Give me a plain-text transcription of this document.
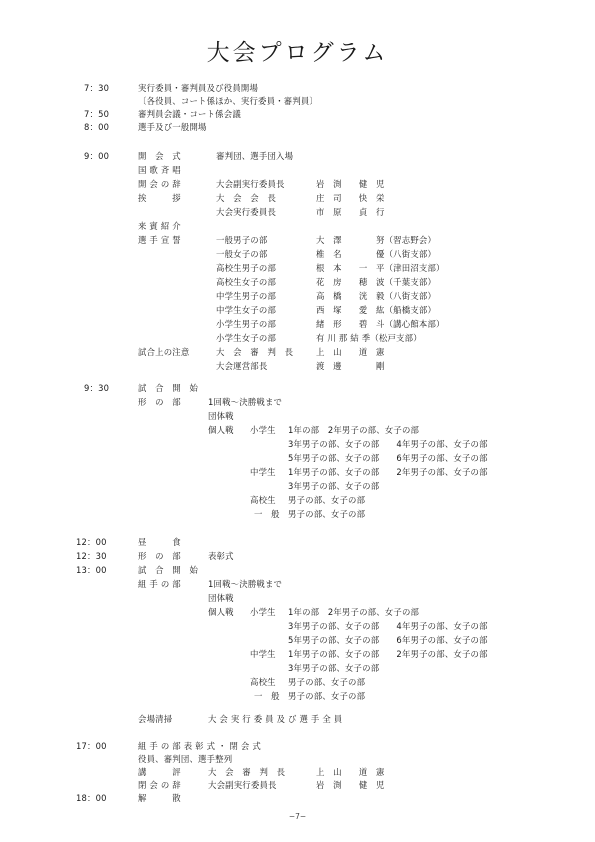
大会プログラム
7：30	実行委員・審判員及び役員開場
〔各役員、コート係ほか、実行委員・審判員〕
7：50	審判員会議・コート係会議
8：00	選手及び一般開場
9：00	開　会　式	審判団、選手団入場
国 歌 斉 唱
開 会 の 辞	大会副実行委員長	岩　渕　　健　児
挨　　　拶	大　会　会　長	庄　司　　快　栄
大会実行委員長	市　原　　貞　行
来 賓 紹 介
選 手 宣 誓	一般男子の部	大　澤　　　　努（習志野会）
一般女子の部	椎　名　　　　優（八街支部）
高校生男子の部	根　本　　一　平（津田沼支部）
高校生女子の部	花　房　　穂　波（千葉支部）
中学生男子の部	高　橋　　洸　毅（八街支部）
中学生女子の部	西　塚　　愛　紘（船橋支部）
小学生男子の部	緒　形　　碧　斗（講心館本部）
小学生女子の部	有 川 那 結 季（松戸支部）
試合上の注意	大　会　審　判　長	上　山　　道　憲
大会運営部長	渡　邊　　　　剛
9：30	試　合　開　始
形　の　部	1回戦〜決勝戦まで
団体戦
個人戦 小学生 1年の部　2年男子の部、女子の部
3年男子の部、女子の部　　4年男子の部、女子の部
5年男子の部、女子の部　　6年男子の部、女子の部
中学生 1年男子の部、女子の部　　2年男子の部、女子の部
3年男子の部、女子の部
高校生 男子の部、女子の部
一　般 男子の部、女子の部
12：00	昼　　　食
12：30	形　の　部	表彰式
13：00	試　合　開　始
組 手 の 部	1回戦〜決勝戦まで
団体戦
個人戦 小学生 1年の部　2年男子の部、女子の部
3年男子の部、女子の部　　4年男子の部、女子の部
5年男子の部、女子の部　　6年男子の部、女子の部
中学生 1年男子の部、女子の部　　2年男子の部、女子の部
3年男子の部、女子の部
高校生 男子の部、女子の部
一　般 男子の部、女子の部
会場清掃	大 会 実 行 委 員 及 び 選 手 全 員
17：00	組 手 の 部 表 彰 式 ・ 閉 会 式
役員、審判団、選手整列
講　　　評	大　会　審　判　長	上　山　　道　憲
閉 会 の 辞	大会副実行委員長	岩　渕　　健　児
18：00	解　　　散
−7−
